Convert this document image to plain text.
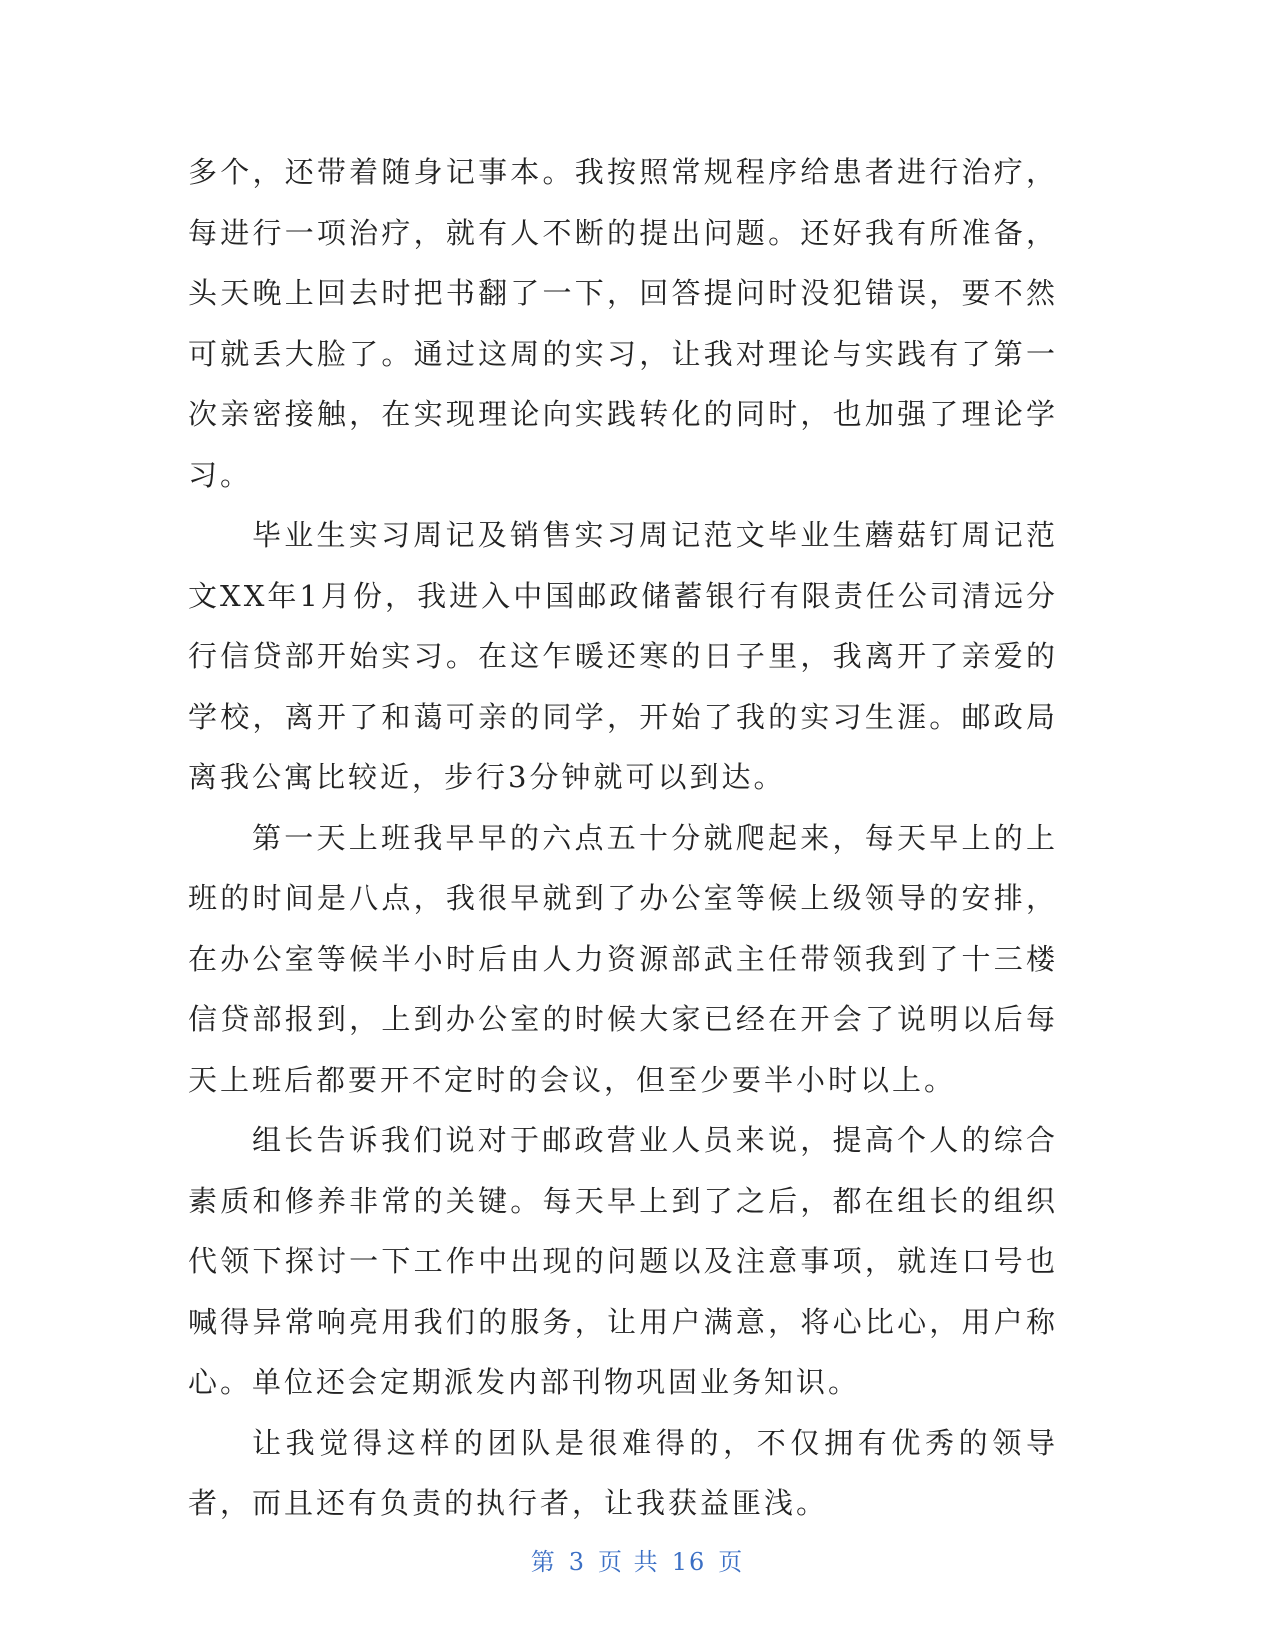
多个，还带着随身记事本。我按照常规程序给患者进行治疗，每进行一项治疗，就有人不断的提出问题。还好我有所准备，头天晚上回去时把书翻了一下，回答提问时没犯错误，要不然可就丢大脸了。通过这周的实习，让我对理论与实践有了第一次亲密接触，在实现理论向实践转化的同时，也加强了理论学习。

毕业生实习周记及销售实习周记范文毕业生蘑菇钉周记范文XX年1月份，我进入中国邮政储蓄银行有限责任公司清远分行信贷部开始实习。在这乍暖还寒的日子里，我离开了亲爱的学校，离开了和蔼可亲的同学，开始了我的实习生涯。邮政局离我公寓比较近，步行3分钟就可以到达。

第一天上班我早早的六点五十分就爬起来，每天早上的上班的时间是八点，我很早就到了办公室等候上级领导的安排，在办公室等候半小时后由人力资源部武主任带领我到了十三楼信贷部报到，上到办公室的时候大家已经在开会了说明以后每天上班后都要开不定时的会议，但至少要半小时以上。

组长告诉我们说对于邮政营业人员来说，提高个人的综合素质和修养非常的关键。每天早上到了之后，都在组长的组织代领下探讨一下工作中出现的问题以及注意事项，就连口号也喊得异常响亮用我们的服务，让用户满意，将心比心，用户称心。单位还会定期派发内部刊物巩固业务知识。

让我觉得这样的团队是很难得的，不仅拥有优秀的领导者，而且还有负责的执行者，让我获益匪浅。

第 3 页 共 16 页
